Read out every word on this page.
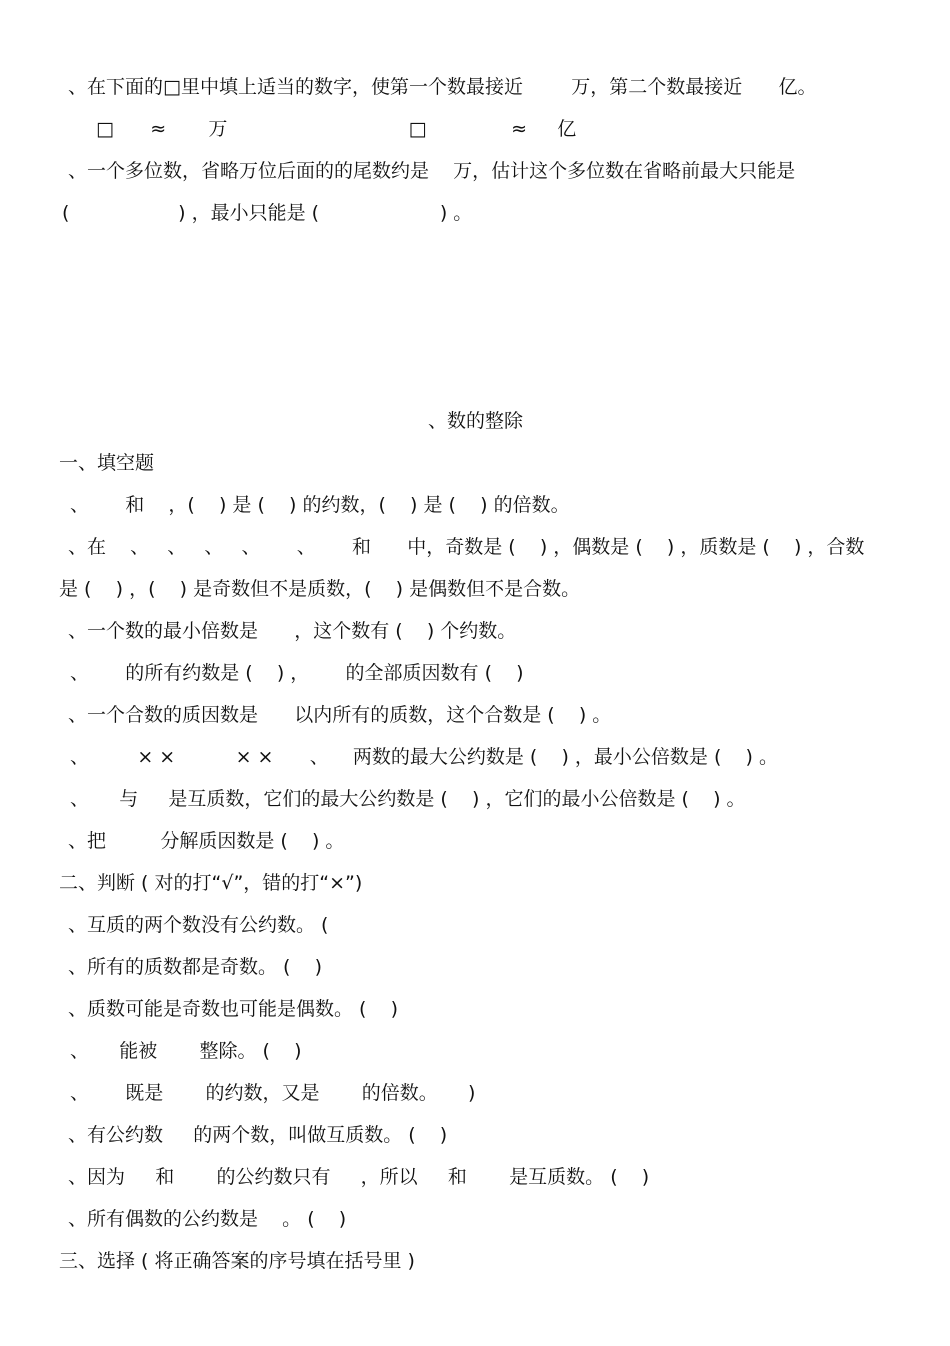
、在下面的□里中填上适当的数字，使第一个数最接近        万，第二个数最接近      亿。
□      ≈       万                              □              ≈     亿
、一个多位数，省略万位后面的的尾数约是    万，估计这个多位数在省略前最大只能是
(                  ) ，最小只能是 (                    ) 。
、数的整除
一、填空题
、      和    ，(    ) 是 (    ) 的约数，(    ) 是 (    ) 的倍数。
、在    、   、   、   、      、      和      中，奇数是 (    ) ，偶数是 (    ) ，质数是 (    ) ，合数
是 (    ) ，(    ) 是奇数但不是质数，(    ) 是偶数但不是合数。
、一个数的最小倍数是      ，这个数有 (    ) 个约数。
、      的所有约数是 (    ) ，      的全部质因数有 (    )
、一个合数的质因数是      以内所有的质数，这个合数是 (    ) 。
、        × ×          × ×      、    两数的最大公约数是 (    ) ，最小公倍数是 (    ) 。
、     与     是互质数，它们的最大公约数是 (    ) ，它们的最小公倍数是 (    ) 。
、把         分解质因数是 (    ) 。
二、判断 ( 对的打“√”，错的打“×”)
、互质的两个数没有公约数。 (
、所有的质数都是奇数。 (    )
、质数可能是奇数也可能是偶数。 (    )
、     能被       整除。 (    )
、      既是       的约数，又是       的倍数。     )
、有公约数     的两个数，叫做互质数。 (    )
、因为     和       的公约数只有     ，所以     和       是互质数。 (    )
、所有偶数的公约数是    。 (    )
三、选择 ( 将正确答案的序号填在括号里 )
